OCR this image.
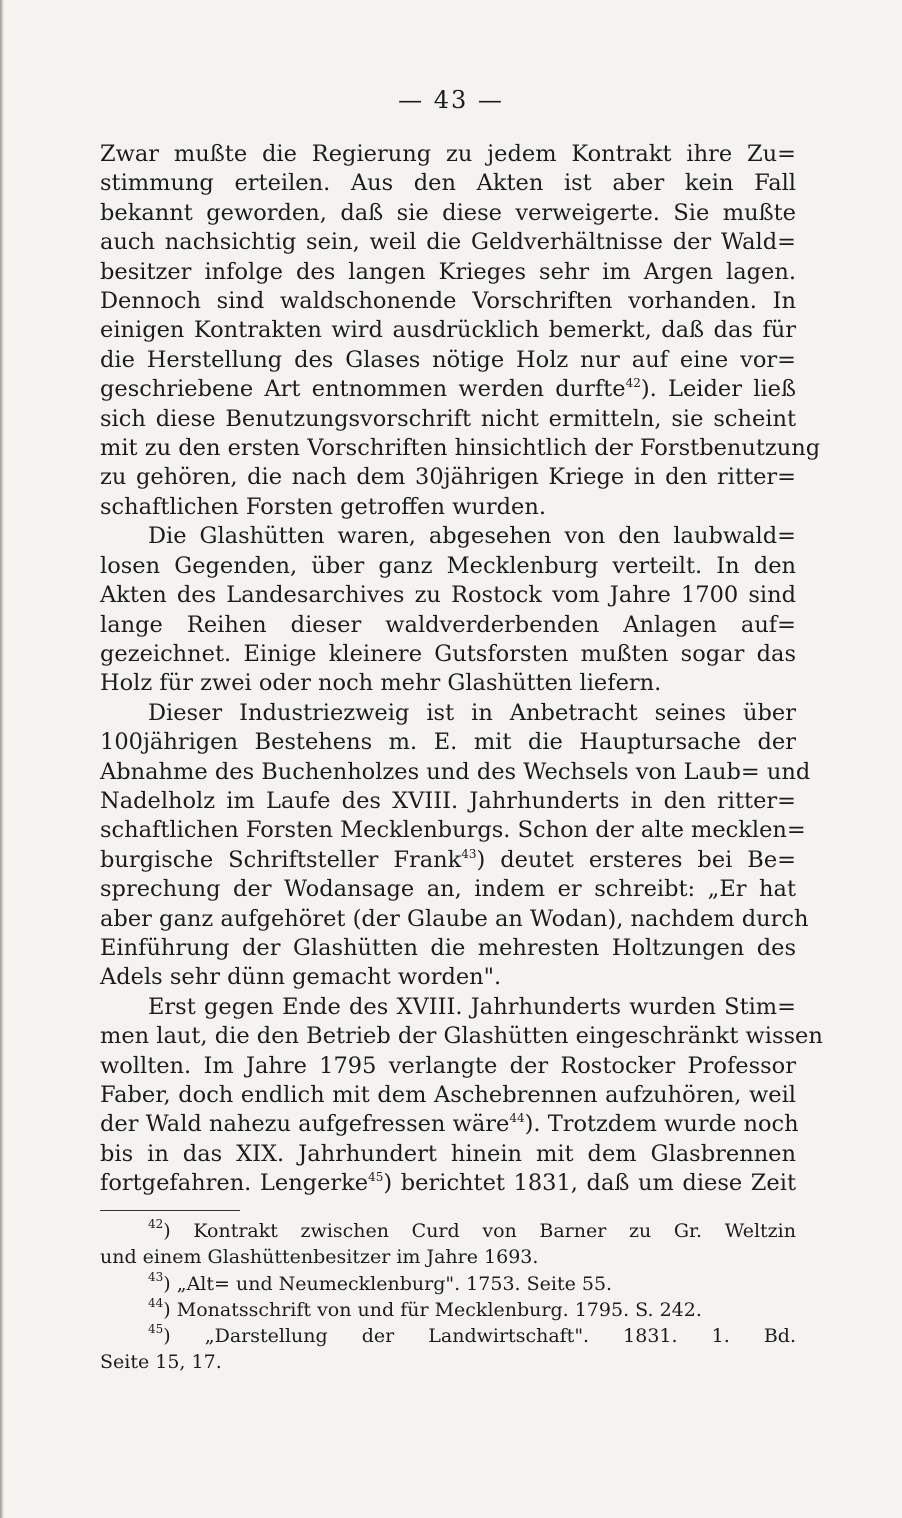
— 43 —

Zwar mußte die Regierung zu jedem Kontrakt ihre Zu=
stimmung erteilen. Aus den Akten ist aber kein Fall
bekannt geworden, daß sie diese verweigerte. Sie mußte
auch nachsichtig sein, weil die Geldverhältnisse der Wald=
besitzer infolge des langen Krieges sehr im Argen lagen.
Dennoch sind waldschonende Vorschriften vorhanden. In
einigen Kontrakten wird ausdrücklich bemerkt, daß das für
die Herstellung des Glases nötige Holz nur auf eine vor=
geschriebene Art entnommen werden durfte$^{42}$). Leider ließ
sich diese Benutzungsvorschrift nicht ermitteln, sie scheint
mit zu den ersten Vorschriften hinsichtlich der Forstbenutzung
zu gehören, die nach dem 30jährigen Kriege in den ritter=
schaftlichen Forsten getroffen wurden.

Die Glashütten waren, abgesehen von den laubwald=
losen Gegenden, über ganz Mecklenburg verteilt. In den
Akten des Landesarchives zu Rostock vom Jahre 1700 sind
lange Reihen dieser waldverderbenden Anlagen auf=
gezeichnet. Einige kleinere Gutsforsten mußten sogar das
Holz für zwei oder noch mehr Glashütten liefern.

Dieser Industriezweig ist in Anbetracht seines über
100jährigen Bestehens m. E. mit die Hauptursache der
Abnahme des Buchenholzes und des Wechsels von Laub= und
Nadelholz im Laufe des XVIII. Jahrhunderts in den ritter=
schaftlichen Forsten Mecklenburgs. Schon der alte mecklen=
burgische Schriftsteller Frank$^{43}$) deutet ersteres bei Be=
sprechung der Wodansage an, indem er schreibt: „Er hat
aber ganz aufgehöret (der Glaube an Wodan), nachdem durch
Einführung der Glashütten die mehresten Holtzungen des
Adels sehr dünn gemacht worden".

Erst gegen Ende des XVIII. Jahrhunderts wurden Stim=
men laut, die den Betrieb der Glashütten eingeschränkt wissen
wollten. Im Jahre 1795 verlangte der Rostocker Professor
Faber, doch endlich mit dem Aschebrennen aufzuhören, weil
der Wald nahezu aufgefressen wäre$^{44}$). Trotzdem wurde noch
bis in das XIX. Jahrhundert hinein mit dem Glasbrennen
fortgefahren. Lengerke$^{45}$) berichtet 1831, daß um diese Zeit

$^{42}$) Kontrakt zwischen Curd von Barner zu Gr. Weltzin
und einem Glashüttenbesitzer im Jahre 1693.

$^{43}$) „Alt= und Neumecklenburg". 1753. Seite 55.

$^{44}$) Monatsschrift von und für Mecklenburg. 1795. S. 242.

$^{45}$) „Darstellung der Landwirtschaft". 1831. 1. Bd.
Seite 15, 17.
